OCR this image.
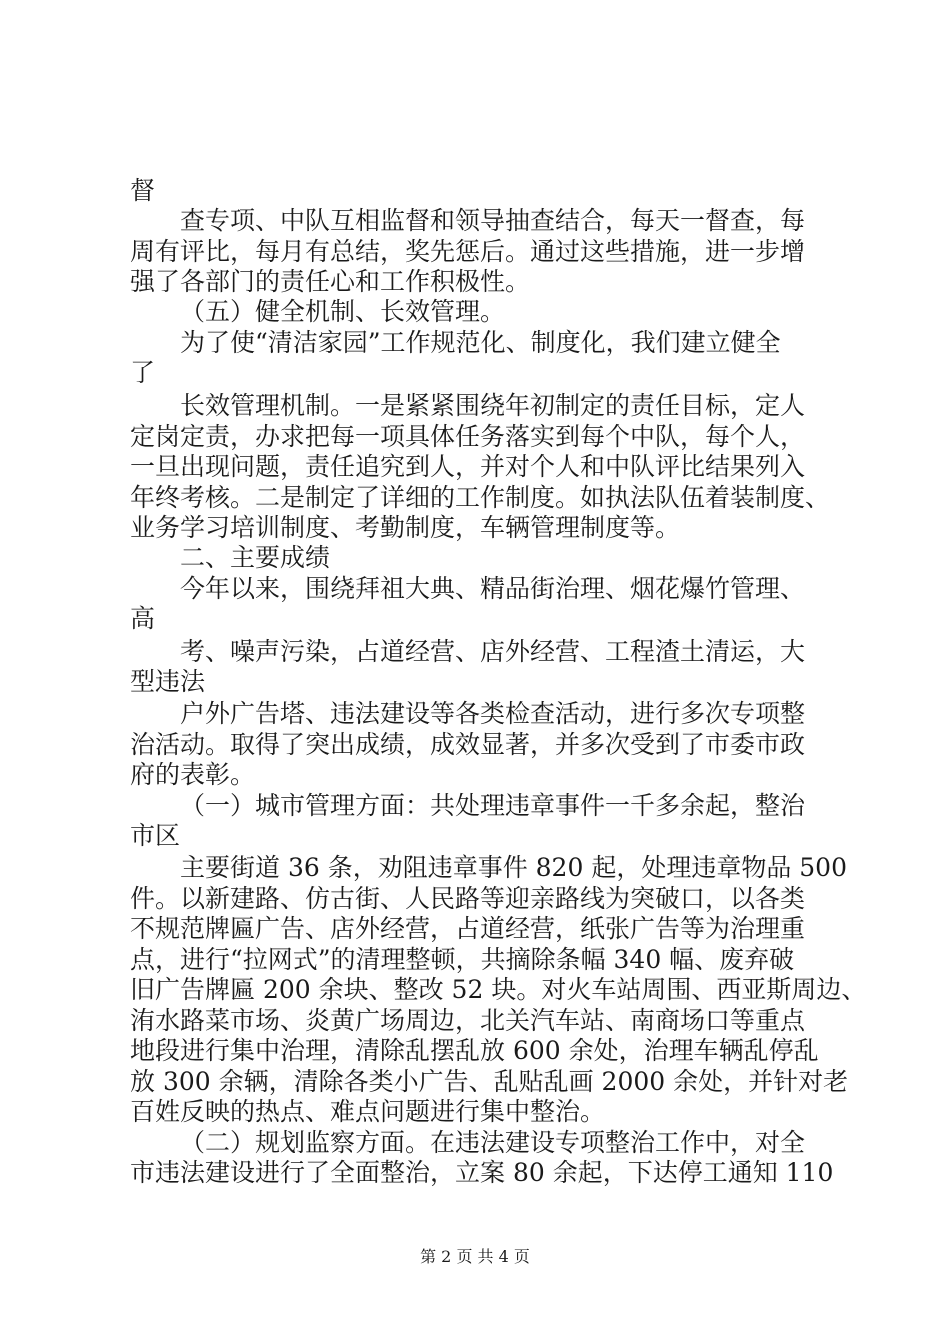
督
查专项、中队互相监督和领导抽查结合，每天一督查，每
周有评比，每月有总结，奖先惩后。通过这些措施，进一步增
强了各部门的责任心和工作积极性。
（五）健全机制、长效管理。
为了使“清洁家园”工作规范化、制度化，我们建立健全
了
长效管理机制。一是紧紧围绕年初制定的责任目标，定人
定岗定责，办求把每一项具体任务落实到每个中队，每个人，
一旦出现问题，责任追究到人，并对个人和中队评比结果列入
年终考核。二是制定了详细的工作制度。如执法队伍着装制度、
业务学习培训制度、考勤制度，车辆管理制度等。
二、主要成绩
今年以来，围绕拜祖大典、精品街治理、烟花爆竹管理、
高
考、噪声污染，占道经营、店外经营、工程渣土清运，大
型违法
户外广告塔、违法建设等各类检查活动，进行多次专项整
治活动。取得了突出成绩，成效显著，并多次受到了市委市政
府的表彰。
（一）城市管理方面：共处理违章事件一千多余起，整治
市区
主要街道 36 条，劝阻违章事件 820 起，处理违章物品 500
件。以新建路、仿古街、人民路等迎亲路线为突破口，以各类
不规范牌匾广告、店外经营，占道经营，纸张广告等为治理重
点，进行“拉网式”的清理整顿，共摘除条幅 340 幅、废弃破
旧广告牌匾 200 余块、整改 52 块。对火车站周围、西亚斯周边、
洧水路菜市场、炎黄广场周边，北关汽车站、南商场口等重点
地段进行集中治理，清除乱摆乱放 600 余处，治理车辆乱停乱
放 300 余辆，清除各类小广告、乱贴乱画 2000 余处，并针对老
百姓反映的热点、难点问题进行集中整治。
（二）规划监察方面。在违法建设专项整治工作中，对全
市违法建设进行了全面整治，立案 80 余起，下达停工通知 110
第 2 页 共 4 页
